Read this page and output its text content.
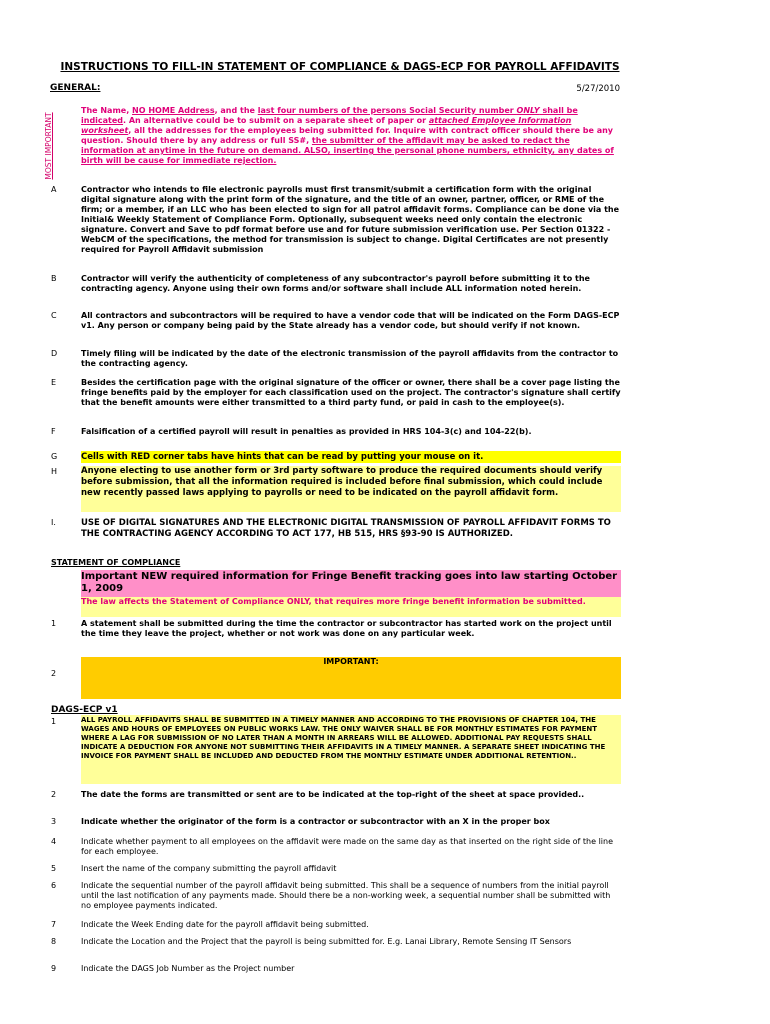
INSTRUCTIONS TO FILL-IN STATEMENT OF COMPLIANCE & DAGS-ECP FOR PAYROLL AFFIDAVITS
GENERAL:	5/27/2010
MOST IMPORTANT
The Name, NO HOME Address, and the last four numbers of the persons Social Security number ONLY shall be indicated. An alternative could be to submit on a separate sheet of paper or attached Employee Information worksheet, all the addresses for the employees being submitted for. Inquire with contract officer should there be any question. Should there by any address or full SS#, the submitter of the affidavit may be asked to redact the information at anytime in the future on demand. ALSO, inserting the personal phone numbers, ethnicity, any dates of birth will be cause for immediate rejection.
A	Contractor who intends to file electronic payrolls must first transmit/submit a certification form with the original digital signature along with the print form of the signature, and the title of an owner, partner, officer, or RME of the firm; or a member, if an LLC who has been elected to sign for all patrol affidavit forms. Compliance can be done via the Initial& Weekly Statement of Compliance Form. Optionally, subsequent weeks need only contain the electronic signature. Convert and Save to pdf format before use and for future submission verification use. Per Section 01322 - WebCM of the specifications, the method for transmission is subject to change. Digital Certificates are not presently required for Payroll Affidavit submission
B	Contractor will verify the authenticity of completeness of any subcontractor's payroll before submitting it to the contracting agency. Anyone using their own forms and/or software shall include ALL information noted herein.
C	All contractors and subcontractors will be required to have a vendor code that will be indicated on the Form DAGS-ECP v1. Any person or company being paid by the State already has a vendor code, but should verify if not known.
D	Timely filing will be indicated by the date of the electronic transmission of the payroll affidavits from the contractor to the contracting agency.
E	Besides the certification page with the original signature of the officer or owner, there shall be a cover page listing the fringe benefits paid by the employer for each classification used on the project. The contractor's signature shall certify that the benefit amounts were either transmitted to a third party fund, or paid in cash to the employee(s).
F	Falsification of a certified payroll will result in penalties as provided in HRS 104-3(c) and 104-22(b).
G	Cells with RED corner tabs have hints that can be read by putting your mouse on it.
H	Anyone electing to use another form or 3rd party software to produce the required documents should verify before submission, that all the information required is included before final submission, which could include new recently passed laws applying to payrolls or need to be indicated on the payroll affidavit form.
I.	USE OF DIGITAL SIGNATURES AND THE ELECTRONIC DIGITAL TRANSMISSION OF PAYROLL AFFIDAVIT FORMS TO THE CONTRACTING AGENCY ACCORDING TO ACT 177, HB 515, HRS §93-90 IS AUTHORIZED.
STATEMENT OF COMPLIANCE
Important NEW required information for Fringe Benefit tracking goes into law starting October 1, 2009
The law affects the Statement of Compliance ONLY, that requires more fringe benefit information be submitted.
1	A statement shall be submitted during the time the contractor or subcontractor has started work on the project until the time they leave the project, whether or not work was done on any particular week.
IMPORTANT:
2
DAGS-ECP v1
1	ALL PAYROLL AFFIDAVITS SHALL BE SUBMITTED IN A TIMELY MANNER AND ACCORDING TO THE PROVISIONS OF CHAPTER 104, THE WAGES AND HOURS OF EMPLOYEES ON PUBLIC WORKS LAW. THE ONLY WAIVER SHALL BE FOR MONTHLY ESTIMATES FOR PAYMENT WHERE A LAG FOR SUBMISSION OF NO LATER THAN A MONTH IN ARREARS WILL BE ALLOWED. ADDITIONAL PAY REQUESTS SHALL INDICATE A DEDUCTION FOR ANYONE NOT SUBMITTING THEIR AFFIDAVITS IN A TIMELY MANNER. A SEPARATE SHEET INDICATING THE INVOICE FOR PAYMENT SHALL BE INCLUDED AND DEDUCTED FROM THE MONTHLY ESTIMATE UNDER ADDITIONAL RETENTION..
2	The date the forms are transmitted or sent are to be indicated at the top-right of the sheet at space provided..
3	Indicate whether the originator of the form is a contractor or subcontractor with an X in the proper box
4	Indicate whether payment to all employees on the affidavit were made on the same day as that inserted on the right side of the line for each employee.
5	Insert the name of the company submitting the payroll affidavit
6	Indicate the sequential number of the payroll affidavit being submitted. This shall be a sequence of numbers from the initial payroll until the last notification of any payments made. Should there be a non-working week, a sequential number shall be submitted with no employee payments indicated.
7	Indicate the Week Ending date for the payroll affidavit being submitted.
8	Indicate the Location and the Project that the payroll is being submitted for. E.g. Lanai Library, Remote Sensing IT Sensors
9	Indicate the DAGS Job Number as the Project number
